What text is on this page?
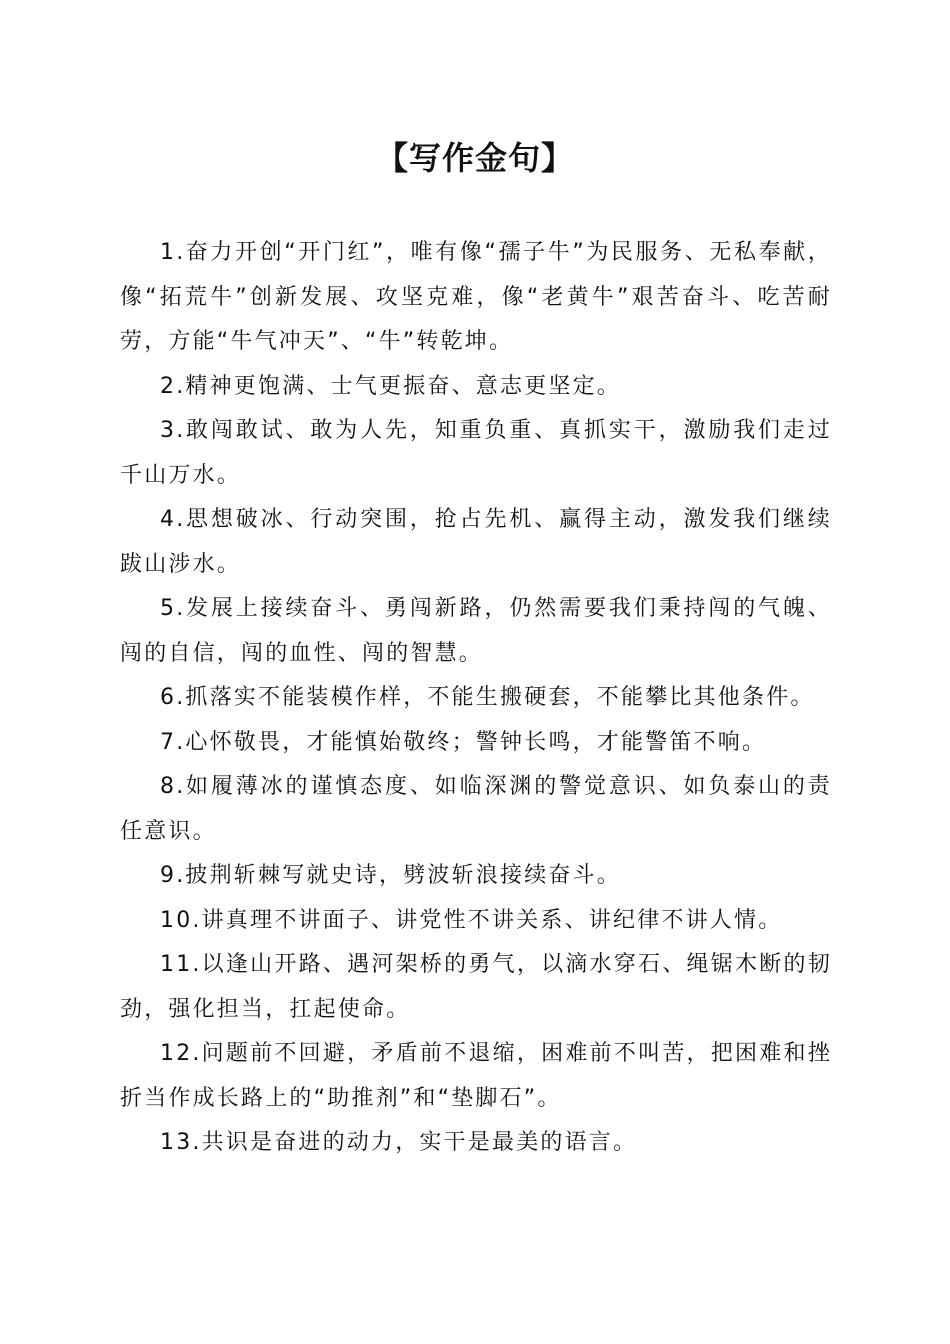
【写作金句】

1.奋力开创“开门红”，唯有像“孺子牛”为民服务、无私奉献，像“拓荒牛”创新发展、攻坚克难，像“老黄牛”艰苦奋斗、吃苦耐劳，方能“牛气冲天”、“牛”转乾坤。

2.精神更饱满、士气更振奋、意志更坚定。

3.敢闯敢试、敢为人先，知重负重、真抓实干，激励我们走过千山万水。

4.思想破冰、行动突围，抢占先机、赢得主动，激发我们继续跋山涉水。

5.发展上接续奋斗、勇闯新路，仍然需要我们秉持闯的气魄、闯的自信，闯的血性、闯的智慧。

6.抓落实不能装模作样，不能生搬硬套，不能攀比其他条件。

7.心怀敬畏，才能慎始敬终；警钟长鸣，才能警笛不响。

8.如履薄冰的谨慎态度、如临深渊的警觉意识、如负泰山的责任意识。

9.披荆斩棘写就史诗，劈波斩浪接续奋斗。

10.讲真理不讲面子、讲党性不讲关系、讲纪律不讲人情。

11.以逢山开路、遇河架桥的勇气，以滴水穿石、绳锯木断的韧劲，强化担当，扛起使命。

12.问题前不回避，矛盾前不退缩，困难前不叫苦，把困难和挫折当作成长路上的“助推剂”和“垫脚石”。

13.共识是奋进的动力，实干是最美的语言。
